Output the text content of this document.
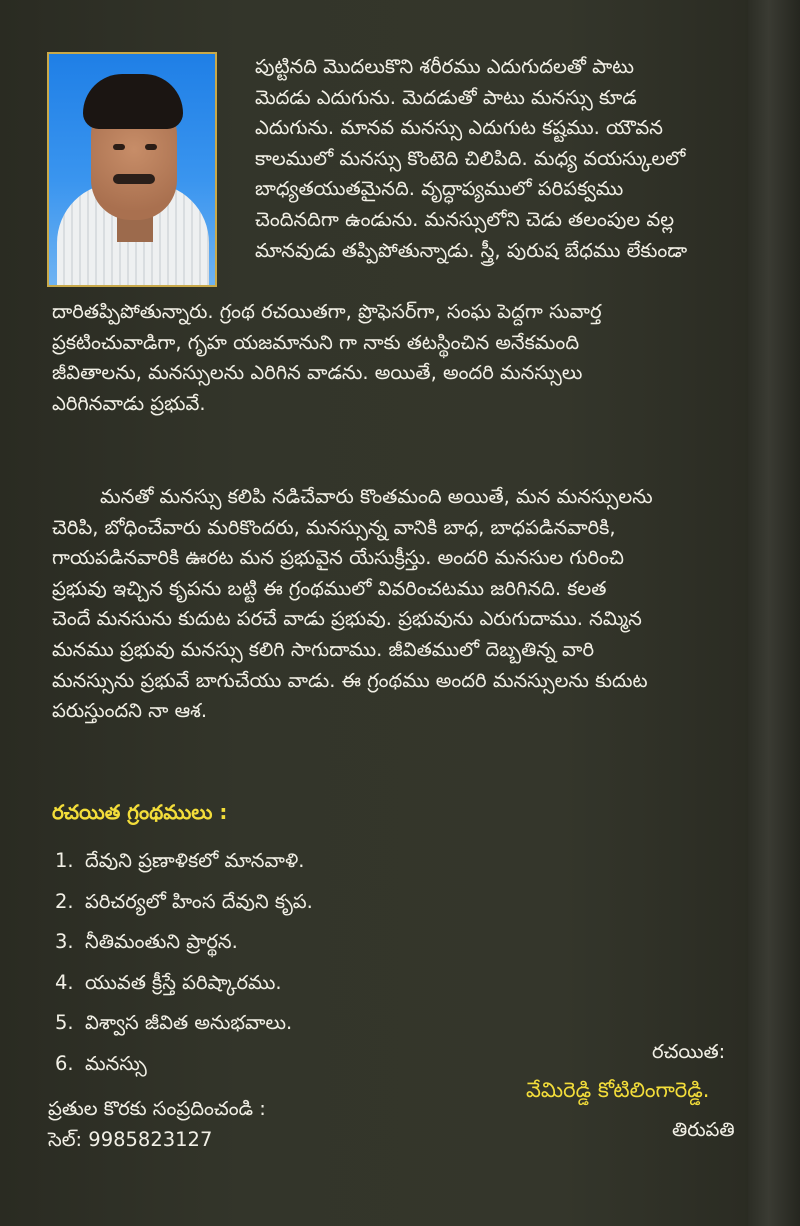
పుట్టినది మొదలుకొని శరీరము ఎదుగుదలతో పాటు
మెదడు ఎదుగును. మెదడుతో పాటు మనస్సు కూడ
ఎదుగును. మానవ మనస్సు ఎదుగుట కష్టము. యౌవన
కాలములో మనస్సు కొంటెది చిలిపిది. మధ్య వయస్కులలో
బాధ్యతయుతమైనది. వృద్ధాప్యములో పరిపక్వము
చెందినదిగా ఉండును. మనస్సులోని చెడు తలంపుల వల్ల
మానవుడు తప్పిపోతున్నాడు. స్త్రీ, పురుష బేధము లేకుండా

దారితప్పిపోతున్నారు. గ్రంథ రచయితగా, ప్రొఫెసర్‌గా, సంఘ పెద్దగా సువార్త
ప్రకటించువాడిగా, గృహ యజమానుని గా నాకు తటస్థించిన అనేకమంది
జీవితాలను, మనస్సులను ఎరిగిన వాడను. అయితే, అందరి మనస్సులు
ఎరిగినవాడు ప్రభువే.

మనతో మనస్సు కలిపి నడిచేవారు కొంతమంది అయితే, మన మనస్సులను
చెరిపి, బోధించేవారు మరికొందరు, మనస్సున్న వానికి బాధ, బాధపడినవారికి,
గాయపడినవారికి ఊరట మన ప్రభువైన యేసుక్రీస్తు. అందరి మనసుల గురించి
ప్రభువు ఇచ్చిన కృపను బట్టి ఈ గ్రంథములో వివరించటము జరిగినది. కలత
చెందే మనసును కుదుట పరచే వాడు ప్రభువు. ప్రభువును ఎరుగుదాము. నమ్మిన
మనము ప్రభువు మనస్సు కలిగి సాగుదాము. జీవితములో దెబ్బతిన్న వారి
మనస్సును ప్రభువే బాగుచేయు వాడు. ఈ గ్రంథము అందరి మనస్సులను కుదుట
పరుస్తుందని నా ఆశ.

రచయిత గ్రంథములు :
1. దేవుని ప్రణాళికలో మానవాళి.
2. పరిచర్యలో హింస దేవుని కృప.
3. నీతిమంతుని ప్రార్థన.
4. యువత క్రీస్తే పరిష్కారము.
5. విశ్వాస జీవిత అనుభవాలు.
6. మనస్సు	రచయిత:
వేమిరెడ్డి కోటిలింగారెడ్డి.
తిరుపతి
ప్రతుల కొరకు సంప్రదించండి :
సెల్: 9985823127
